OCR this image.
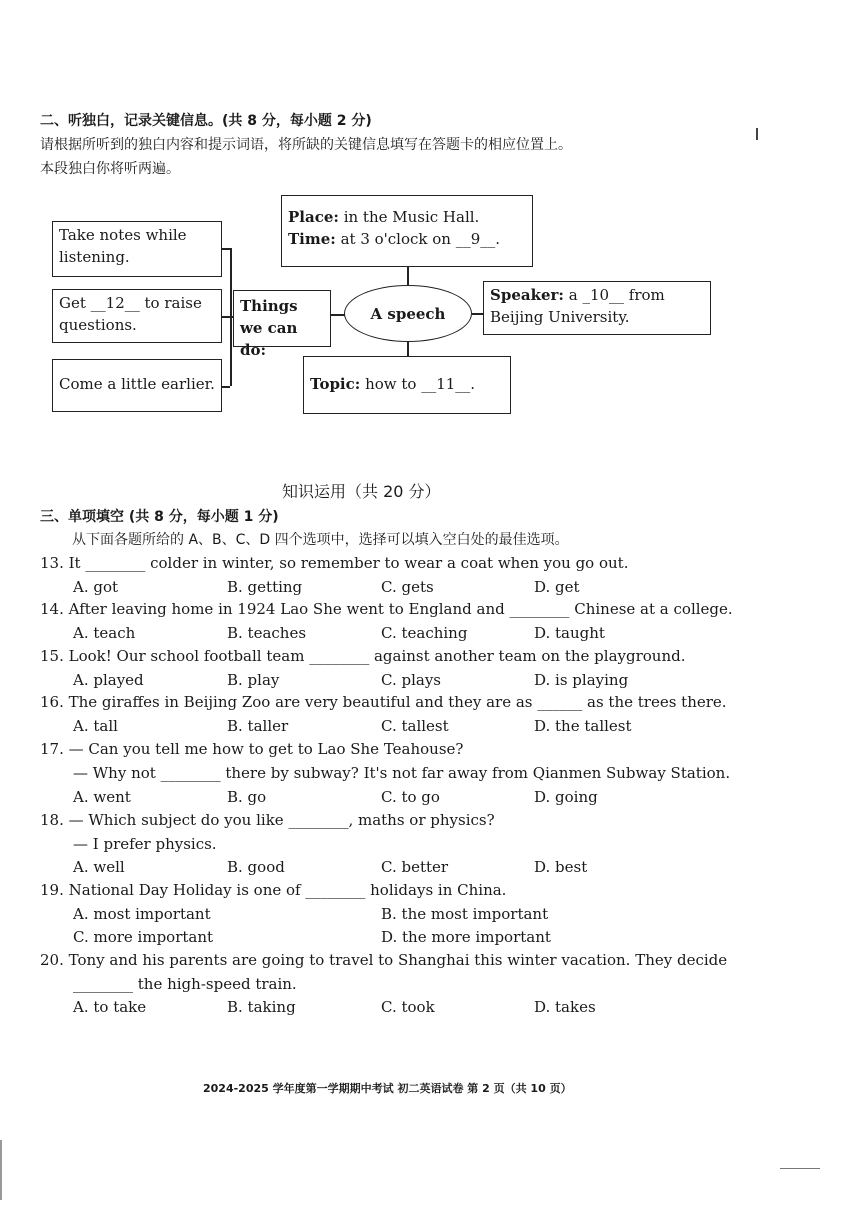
二、听独白，记录关键信息。(共 8 分，每小题 2 分)
请根据所听到的独白内容和提示词语，将所缺的关键信息填写在答题卡的相应位置上。
本段独白你将听两遍。
Place: in the Music Hall.
Time: at 3 o'clock on __9__.
Take notes while listening.
Get __12__ to raise questions.
Come a little earlier.
Things we can do:
A speech
Speaker: a _10__ from Beijing University.
Topic: how to __11__.
知识运用（共 20 分）
三、单项填空 (共 8 分，每小题 1 分)
从下面各题所给的 A、B、C、D 四个选项中，选择可以填入空白处的最佳选项。
13. It ________ colder in winter, so remember to wear a coat when you go out.
A. got	B. getting	C. gets	D. get
14. After leaving home in 1924 Lao She went to England and ________ Chinese at a college.
A. teach	B. teaches	C. teaching	D. taught
15. Look! Our school football team ________ against another team on the playground.
A. played	B. play	C. plays	D. is playing
16. The giraffes in Beijing Zoo are very beautiful and they are as ______ as the trees there.
A. tall	B. taller	C. tallest	D. the tallest
17. — Can you tell me how to get to Lao She Teahouse?
— Why not ________ there by subway? It's not far away from Qianmen Subway Station.
A. went	B. go	C. to go	D. going
18. — Which subject do you like ________, maths or physics?
— I prefer physics.
A. well	B. good	C. better	D. best
19. National Day Holiday is one of ________ holidays in China.
A. most important	B. the most important
C. more important	D. the more important
20. Tony and his parents are going to travel to Shanghai this winter vacation. They decide
________ the high-speed train.
A. to take	B. taking	C. took	D. takes
2024-2025 学年度第一学期期中考试 初二英语试卷 第 2 页（共 10 页）
